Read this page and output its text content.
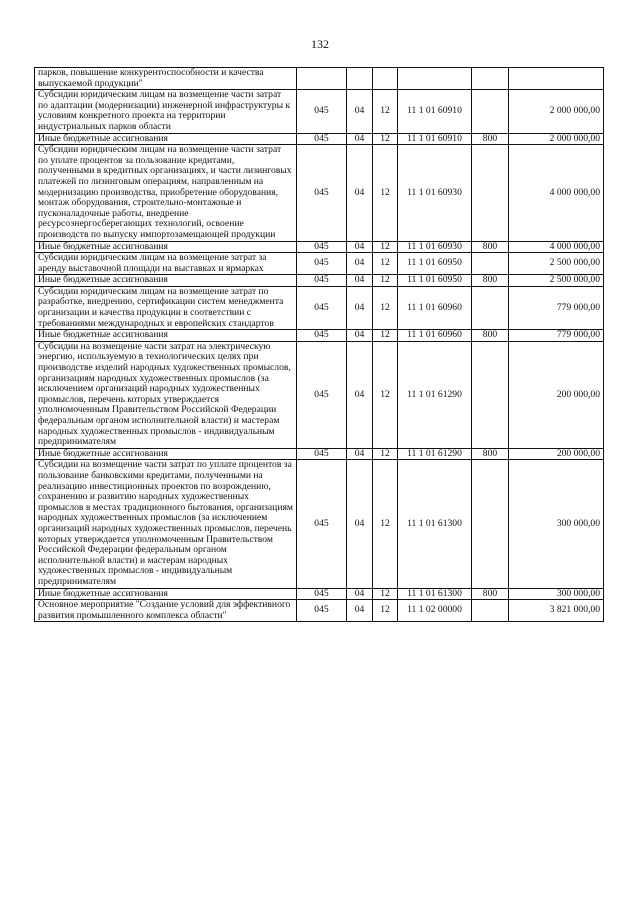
132
парков, повышение конкурентоспособности и качества выпускаемой продукции"						
Субсидии юридическим лицам на возмещение части затрат по адаптации (модернизации) инженерной инфраструктуры к условиям конкретного проекта на территории индустриальных парков области	045	04	12	11 1 01 60910		2 000 000,00
Иные бюджетные ассигнования	045	04	12	11 1 01 60910	800	2 000 000,00
Субсидии юридическим лицам на возмещение части затрат по уплате процентов за пользование кредитами, полученными в кредитных организациях, и части лизинговых платежей по лизинговым операциям, направленным на модернизацию производства, приобретение оборудования, монтаж оборудования, строительно-монтажные и пусконаладочные работы, внедрение ресурсоэнергосберегающих технологий, освоение производств по выпуску импортозамещающей продукции	045	04	12	11 1 01 60930		4 000 000,00
Иные бюджетные ассигнования	045	04	12	11 1 01 60930	800	4 000 000,00
Субсидии юридическим лицам на возмещение затрат за аренду выставочной площади на выставках и ярмарках	045	04	12	11 1 01 60950		2 500 000,00
Иные бюджетные ассигнования	045	04	12	11 1 01 60950	800	2 500 000,00
Субсидии юридическим лицам на возмещение затрат по разработке, внедрению, сертификации систем менеджмента организации и качества продукции в соответствии с требованиями международных и европейских стандартов	045	04	12	11 1 01 60960		779 000,00
Иные бюджетные ассигнования	045	04	12	11 1 01 60960	800	779 000,00
Субсидии на возмещение части затрат на электрическую энергию, используемую в технологических целях при производстве изделий народных художественных промыслов, организациям народных художественных промыслов (за исключением организаций народных художественных промыслов, перечень которых утверждается уполномоченным Правительством Российской Федерации федеральным органом исполнительной власти) и мастерам народных художественных промыслов - индивидуальным предпринимателям	045	04	12	11 1 01 61290		200 000,00
Иные бюджетные ассигнования	045	04	12	11 1 01 61290	800	200 000,00
Субсидии на возмещение части затрат по уплате процентов за пользование банковскими кредитами, полученными на реализацию инвестиционных проектов по возрождению, сохранению и развитию народных художественных промыслов в местах традиционного бытования, организациям народных художественных промыслов (за исключением организаций народных художественных промыслов, перечень которых утверждается уполномоченным Правительством Российской Федерации федеральным органом исполнительной власти) и мастерам народных художественных промыслов - индивидуальным предпринимателям	045	04	12	11 1 01 61300		300 000,00
Иные бюджетные ассигнования	045	04	12	11 1 01 61300	800	300 000,00
Основное мероприятие "Создание условий для эффективного развития промышленного комплекса области"	045	04	12	11 1 02 00000		3 821 000,00
